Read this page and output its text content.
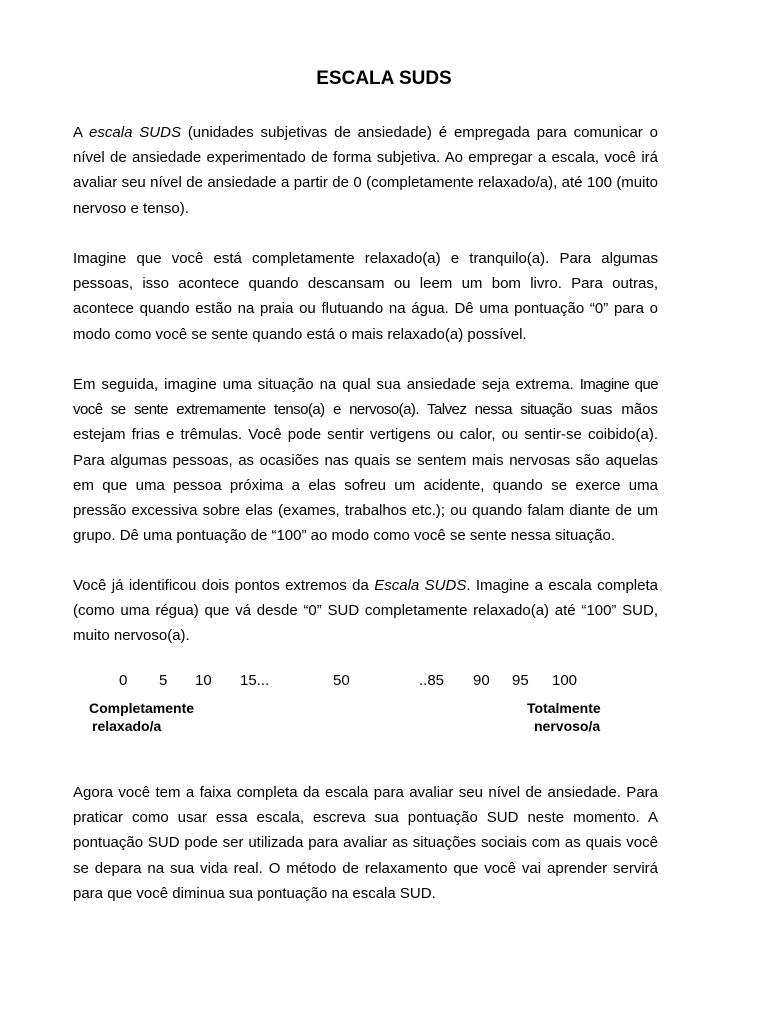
ESCALA SUDS

A escala SUDS (unidades subjetivas de ansiedade) é empregada para comunicar o nível de ansiedade experimentado de forma subjetiva. Ao empregar a escala, você irá avaliar seu nível de ansiedade a partir de 0 (completamente relaxado/a), até 100 (muito nervoso e tenso).

Imagine que você está completamente relaxado(a) e tranquilo(a). Para algumas pessoas, isso acontece quando descansam ou leem um bom livro. Para outras, acontece quando estão na praia ou flutuando na água. Dê uma pontuação “0” para o modo como você se sente quando está o mais relaxado(a) possível.

Em seguida, imagine uma situação na qual sua ansiedade seja extrema. Imagine que você se sente extremamente tenso(a) e nervoso(a). Talvez nessa situação suas mãos estejam frias e trêmulas. Você pode sentir vertigens ou calor, ou sentir-se coibido(a). Para algumas pessoas, as ocasiões nas quais se sentem mais nervosas são aquelas em que uma pessoa próxima a elas sofreu um acidente, quando se exerce uma pressão excessiva sobre elas (exames, trabalhos etc.); ou quando falam diante de um grupo. Dê uma pontuação de “100” ao modo como você se sente nessa situação.

Você já identificou dois pontos extremos da Escala SUDS. Imagine a escala completa (como uma régua) que vá desde “0” SUD completamente relaxado(a) até “100” SUD, muito nervoso(a).

0 5 10 15...	50	..85 90 95 100
Completamente
relaxado/a
Totalmente
nervoso/a

Agora você tem a faixa completa da escala para avaliar seu nível de ansiedade. Para praticar como usar essa escala, escreva sua pontuação SUD neste momento. A pontuação SUD pode ser utilizada para avaliar as situações sociais com as quais você se depara na sua vida real. O método de relaxamento que você vai aprender servirá para que você diminua sua pontuação na escala SUD.
